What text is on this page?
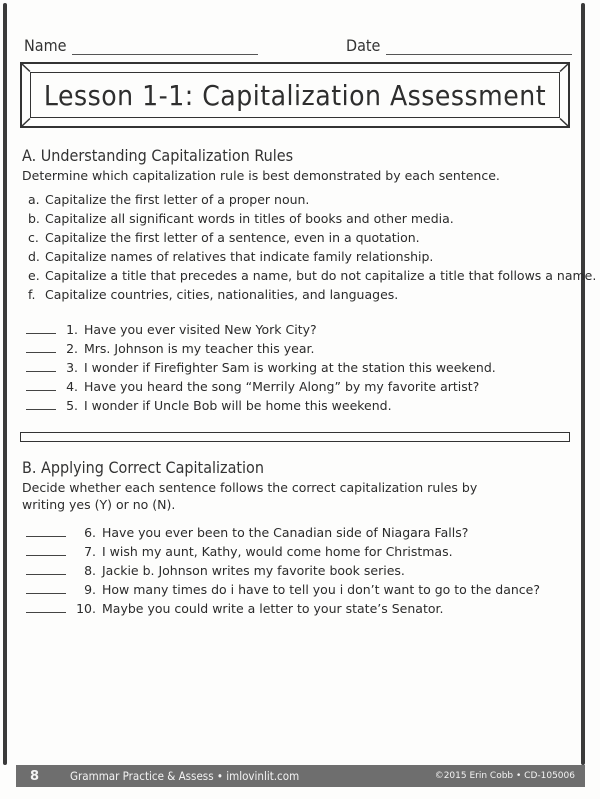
Name	Date
Lesson 1-1: Capitalization Assessment
A. Understanding Capitalization Rules
Determine which capitalization rule is best demonstrated by each sentence.
a. Capitalize the first letter of a proper noun.
b. Capitalize all significant words in titles of books and other media.
c. Capitalize the first letter of a sentence, even in a quotation.
d. Capitalize names of relatives that indicate family relationship.
e. Capitalize a title that precedes a name, but do not capitalize a title that follows a name.
f. Capitalize countries, cities, nationalities, and languages.
1. Have you ever visited New York City?
2. Mrs. Johnson is my teacher this year.
3. I wonder if Firefighter Sam is working at the station this weekend.
4. Have you heard the song “Merrily Along” by my favorite artist?
5. I wonder if Uncle Bob will be home this weekend.
B. Applying Correct Capitalization
Decide whether each sentence follows the correct capitalization rules by writing yes (Y) or no (N).
6. Have you ever been to the Canadian side of Niagara Falls?
7. I wish my aunt, Kathy, would come home for Christmas.
8. Jackie b. Johnson writes my favorite book series.
9. How many times do i have to tell you i don’t want to go to the dance?
10. Maybe you could write a letter to your state’s Senator.
8	Grammar Practice & Assess • imlovinlit.com	©2015 Erin Cobb • CD-105006
